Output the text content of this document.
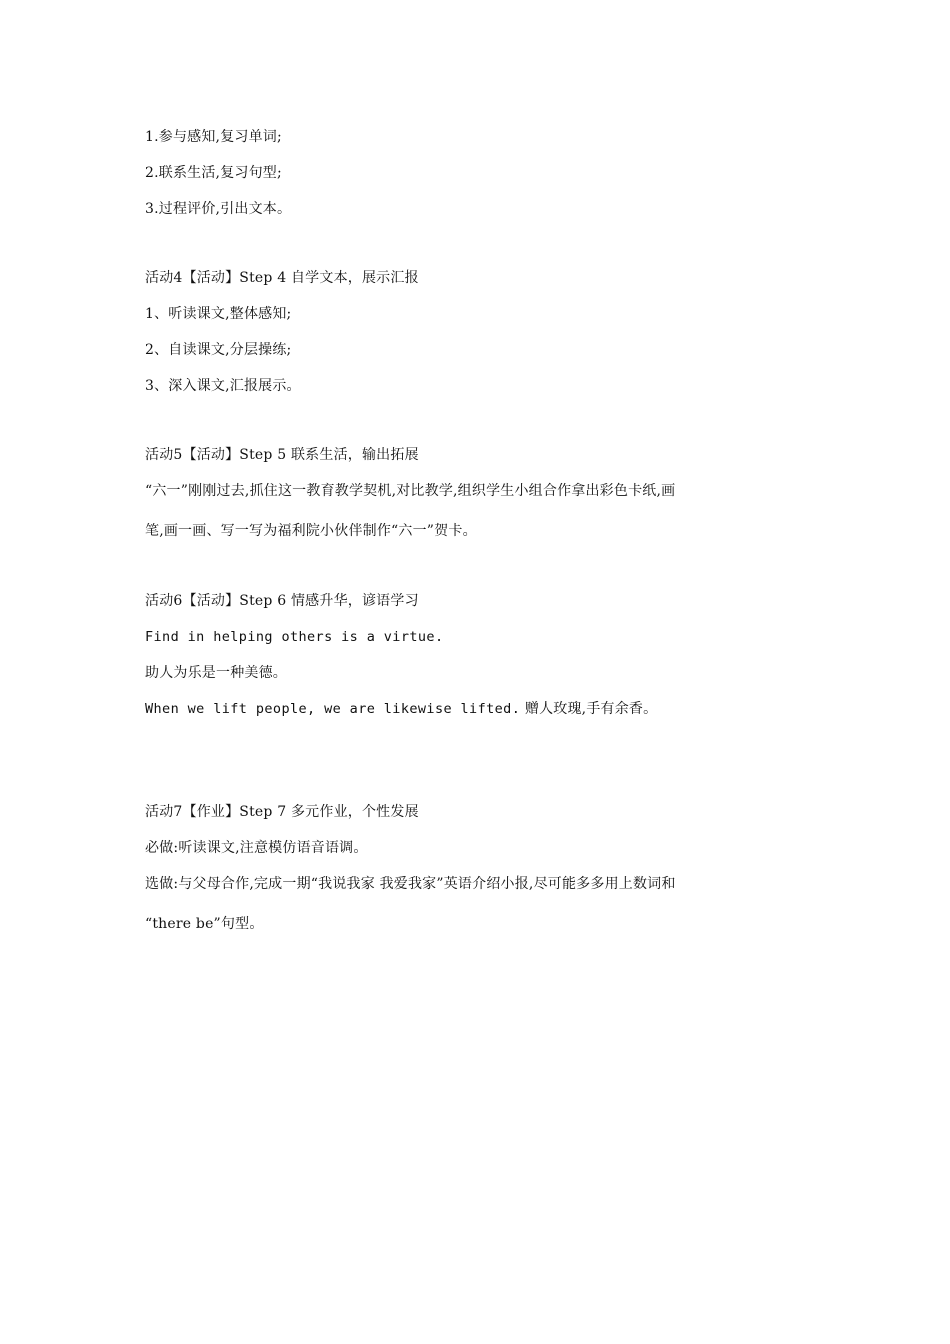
1.参与感知,复习单词;
2.联系生活,复习句型;
3.过程评价,引出文本。
活动4【活动】Step 4 自学文本，展示汇报
1、听读课文,整体感知;
2、自读课文,分层操练;
3、深入课文,汇报展示。
活动5【活动】Step 5 联系生活，输出拓展
“六一”刚刚过去,抓住这一教育教学契机,对比教学,组织学生小组合作拿出彩色卡纸,画
笔,画一画、写一写为福利院小伙伴制作“六一”贺卡。
活动6【活动】Step 6 情感升华，谚语学习
Find in helping others is a virtue.
助人为乐是一种美德。
When we lift people, we are likewise lifted. 赠人玫瑰,手有余香。
活动7【作业】Step 7 多元作业，个性发展
必做:听读课文,注意模仿语音语调。
选做:与父母合作,完成一期“我说我家 我爱我家”英语介绍小报,尽可能多多用上数词和
“there be”句型。
